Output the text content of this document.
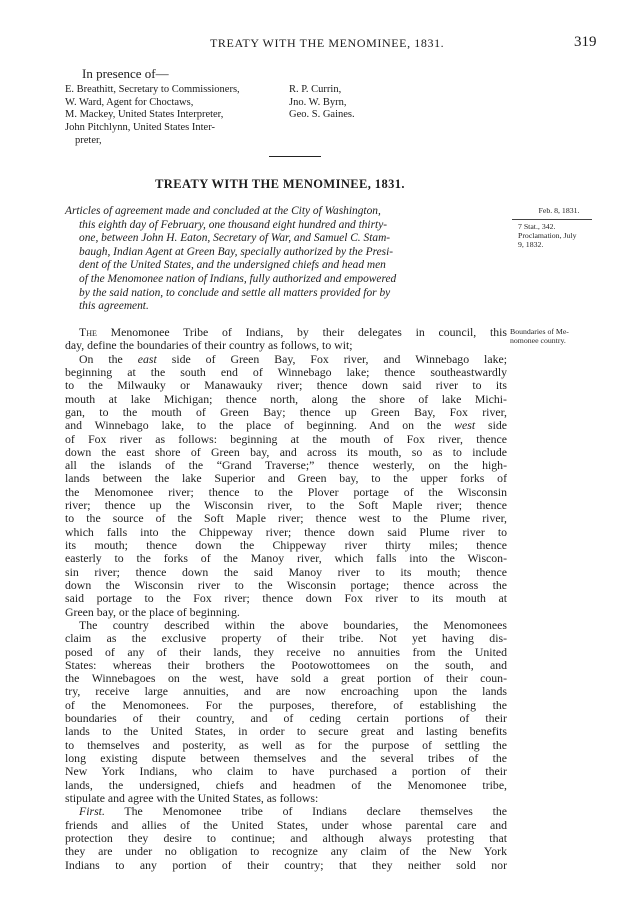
TREATY WITH THE MENOMINEE, 1831.	319
In presence of—
E. Breathitt, Secretary to Commissioners,
W. Ward, Agent for Choctaws,
M. Mackey, United States Interpreter,
John Pitchlynn, United States Inter-
preter,
R. P. Currin,
Jno. W. Byrn,
Geo. S. Gaines.
TREATY WITH THE MENOMINEE, 1831.
Articles of agreement made and concluded at the City of Washington,
this eighth day of February, one thousand eight hundred and thirty-
one, between John H. Eaton, Secretary of War, and Samuel C. Stam-
baugh, Indian Agent at Green Bay, specially authorized by the Presi-
dent of the United States, and the undersigned chiefs and head men
of the Menomonee nation of Indians, fully authorized and empowered
by the said nation, to conclude and settle all matters provided for by
this agreement.
Feb. 8, 1831.
7 Stat., 342.
Proclamation, July
9, 1832.
Boundaries of Me-
nomonee country.
The Menomonee Tribe of Indians, by their delegates in council, this
day, define the boundaries of their country as follows, to wit;
On the east side of Green Bay, Fox river, and Winnebago lake;
beginning at the south end of Winnebago lake; thence southeastwardly
to the Milwauky or Manawauky river; thence down said river to its
mouth at lake Michigan; thence north, along the shore of lake Michi-
gan, to the mouth of Green Bay; thence up Green Bay, Fox river,
and Winnebago lake, to the place of beginning. And on the west side
of Fox river as follows: beginning at the mouth of Fox river, thence
down the east shore of Green bay, and across its mouth, so as to include
all the islands of the “Grand Traverse;” thence westerly, on the high-
lands between the lake Superior and Green bay, to the upper forks of
the Menomonee river; thence to the Plover portage of the Wisconsin
river; thence up the Wisconsin river, to the Soft Maple river; thence
to the source of the Soft Maple river; thence west to the Plume river,
which falls into the Chippeway river; thence down said Plume river to
its mouth; thence down the Chippeway river thirty miles; thence
easterly to the forks of the Manoy river, which falls into the Wiscon-
sin river; thence down the said Manoy river to its mouth; thence
down the Wisconsin river to the Wisconsin portage; thence across the
said portage to the Fox river; thence down Fox river to its mouth at
Green bay, or the place of beginning.
The country described within the above boundaries, the Menomonees
claim as the exclusive property of their tribe. Not yet having dis-
posed of any of their lands, they receive no annuities from the United
States: whereas their brothers the Pootowottomees on the south, and
the Winnebagoes on the west, have sold a great portion of their coun-
try, receive large annuities, and are now encroaching upon the lands
of the Menomonees. For the purposes, therefore, of establishing the
boundaries of their country, and of ceding certain portions of their
lands to the United States, in order to secure great and lasting benefits
to themselves and posterity, as well as for the purpose of settling the
long existing dispute between themselves and the several tribes of the
New York Indians, who claim to have purchased a portion of their
lands, the undersigned, chiefs and headmen of the Menomonee tribe,
stipulate and agree with the United States, as follows:
First. The Menomonee tribe of Indians declare themselves the
friends and allies of the United States, under whose parental care and
protection they desire to continue; and although always protesting that
they are under no obligation to recognize any claim of the New York
Indians to any portion of their country; that they neither sold nor
